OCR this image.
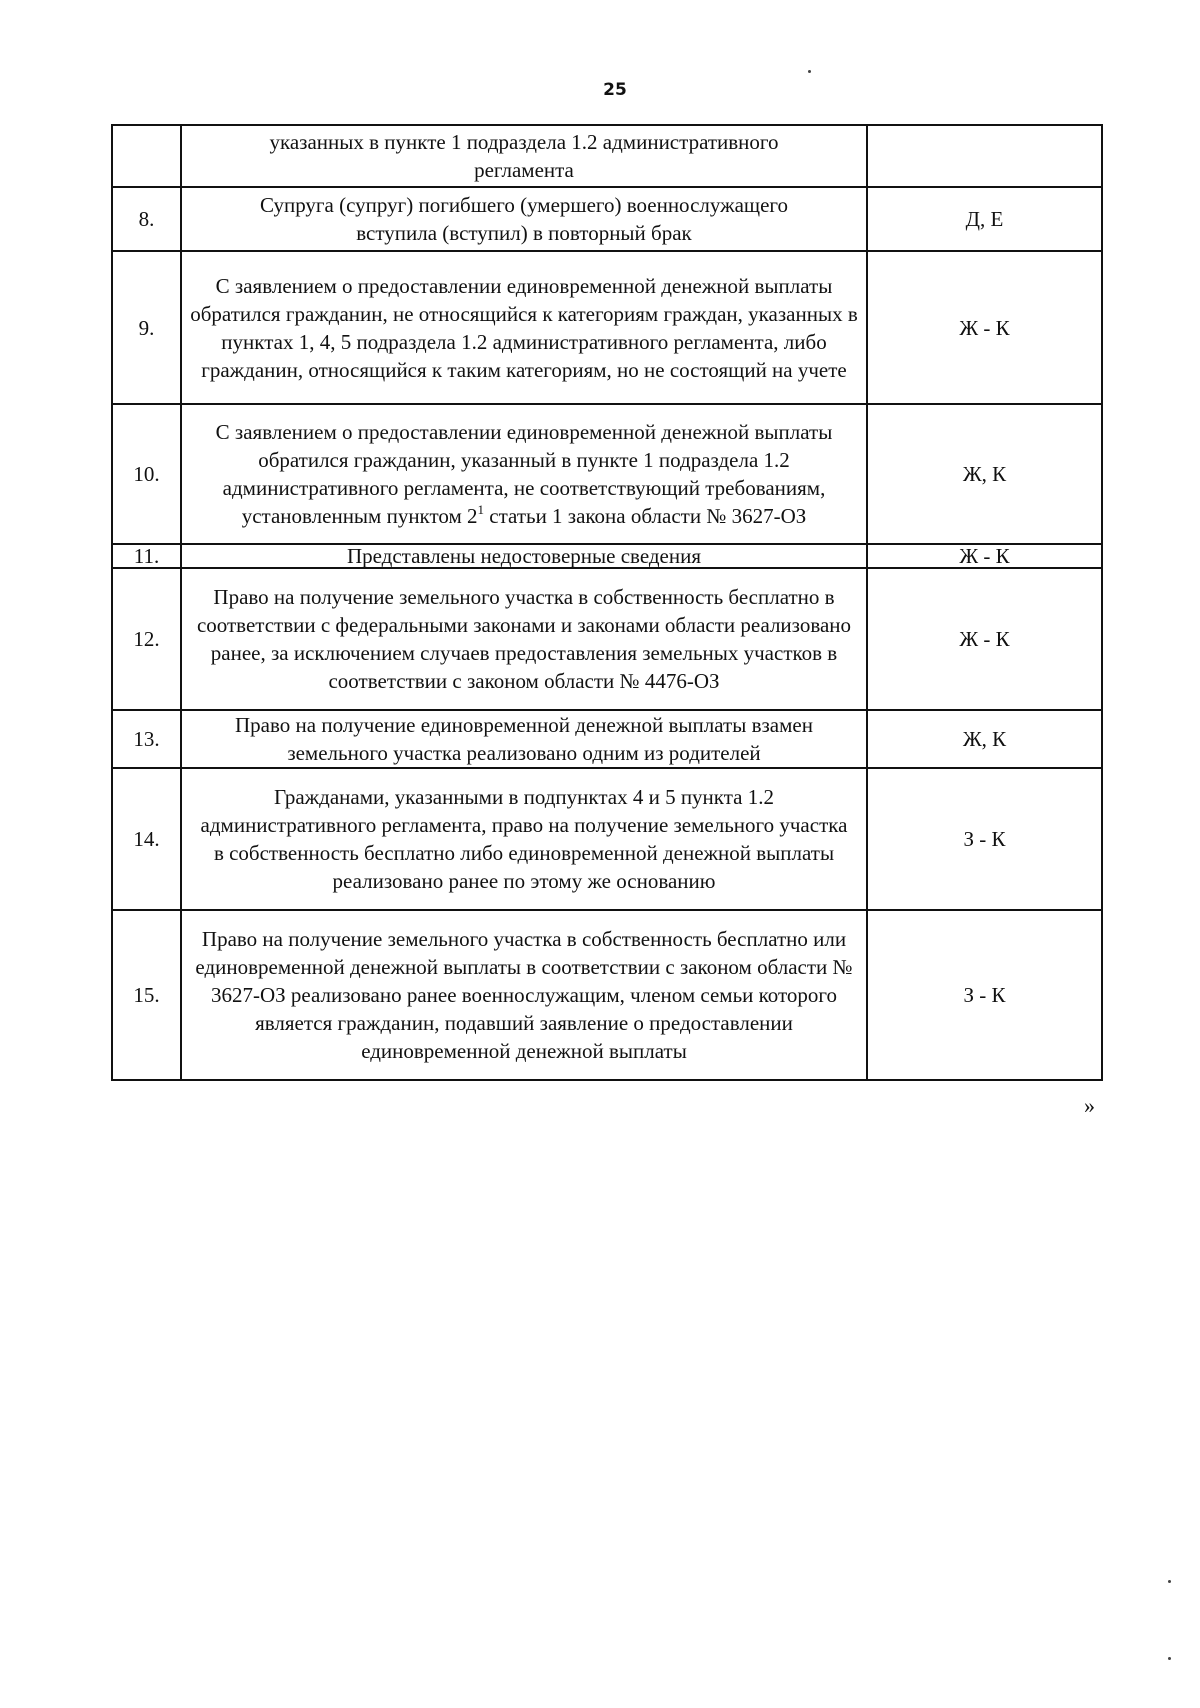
25
	указанных в пункте 1 подраздела 1.2 административного регламента	
8.	Супруга (супруг) погибшего (умершего) военнослужащего вступила (вступил) в повторный брак	Д, Е
9.	С заявлением о предоставлении единовременной денежной выплаты обратился гражданин, не относящийся к категориям граждан, указанных в пунктах 1, 4, 5 подраздела 1.2 административного регламента, либо гражданин, относящийся к таким категориям, но не состоящий на учете	Ж - К
10.	С заявлением о предоставлении единовременной денежной выплаты обратился гражданин, указанный в пункте 1 подраздела 1.2 административного регламента, не соответствующий требованиям, установленным пунктом $2^1$ статьи 1 закона области № 3627-ОЗ	Ж, К
11.	Представлены недостоверные сведения	Ж - К
12.	Право на получение земельного участка в собственность бесплатно в соответствии с федеральными законами и законами области реализовано ранее, за исключением случаев предоставления земельных участков в соответствии с законом области № 4476-ОЗ	Ж - К
13.	Право на получение единовременной денежной выплаты взамен земельного участка реализовано одним из родителей	Ж, К
14.	Гражданами, указанными в подпунктах 4 и 5 пункта 1.2 административного регламента, право на получение земельного участка в собственность бесплатно либо единовременной денежной выплаты реализовано ранее по этому же основанию	З - К
15.	Право на получение земельного участка в собственность бесплатно или единовременной денежной выплаты в соответствии с законом области № 3627-ОЗ реализовано ранее военнослужащим, членом семьи которого является гражданин, подавший заявление о предоставлении единовременной денежной выплаты	З - К
»
